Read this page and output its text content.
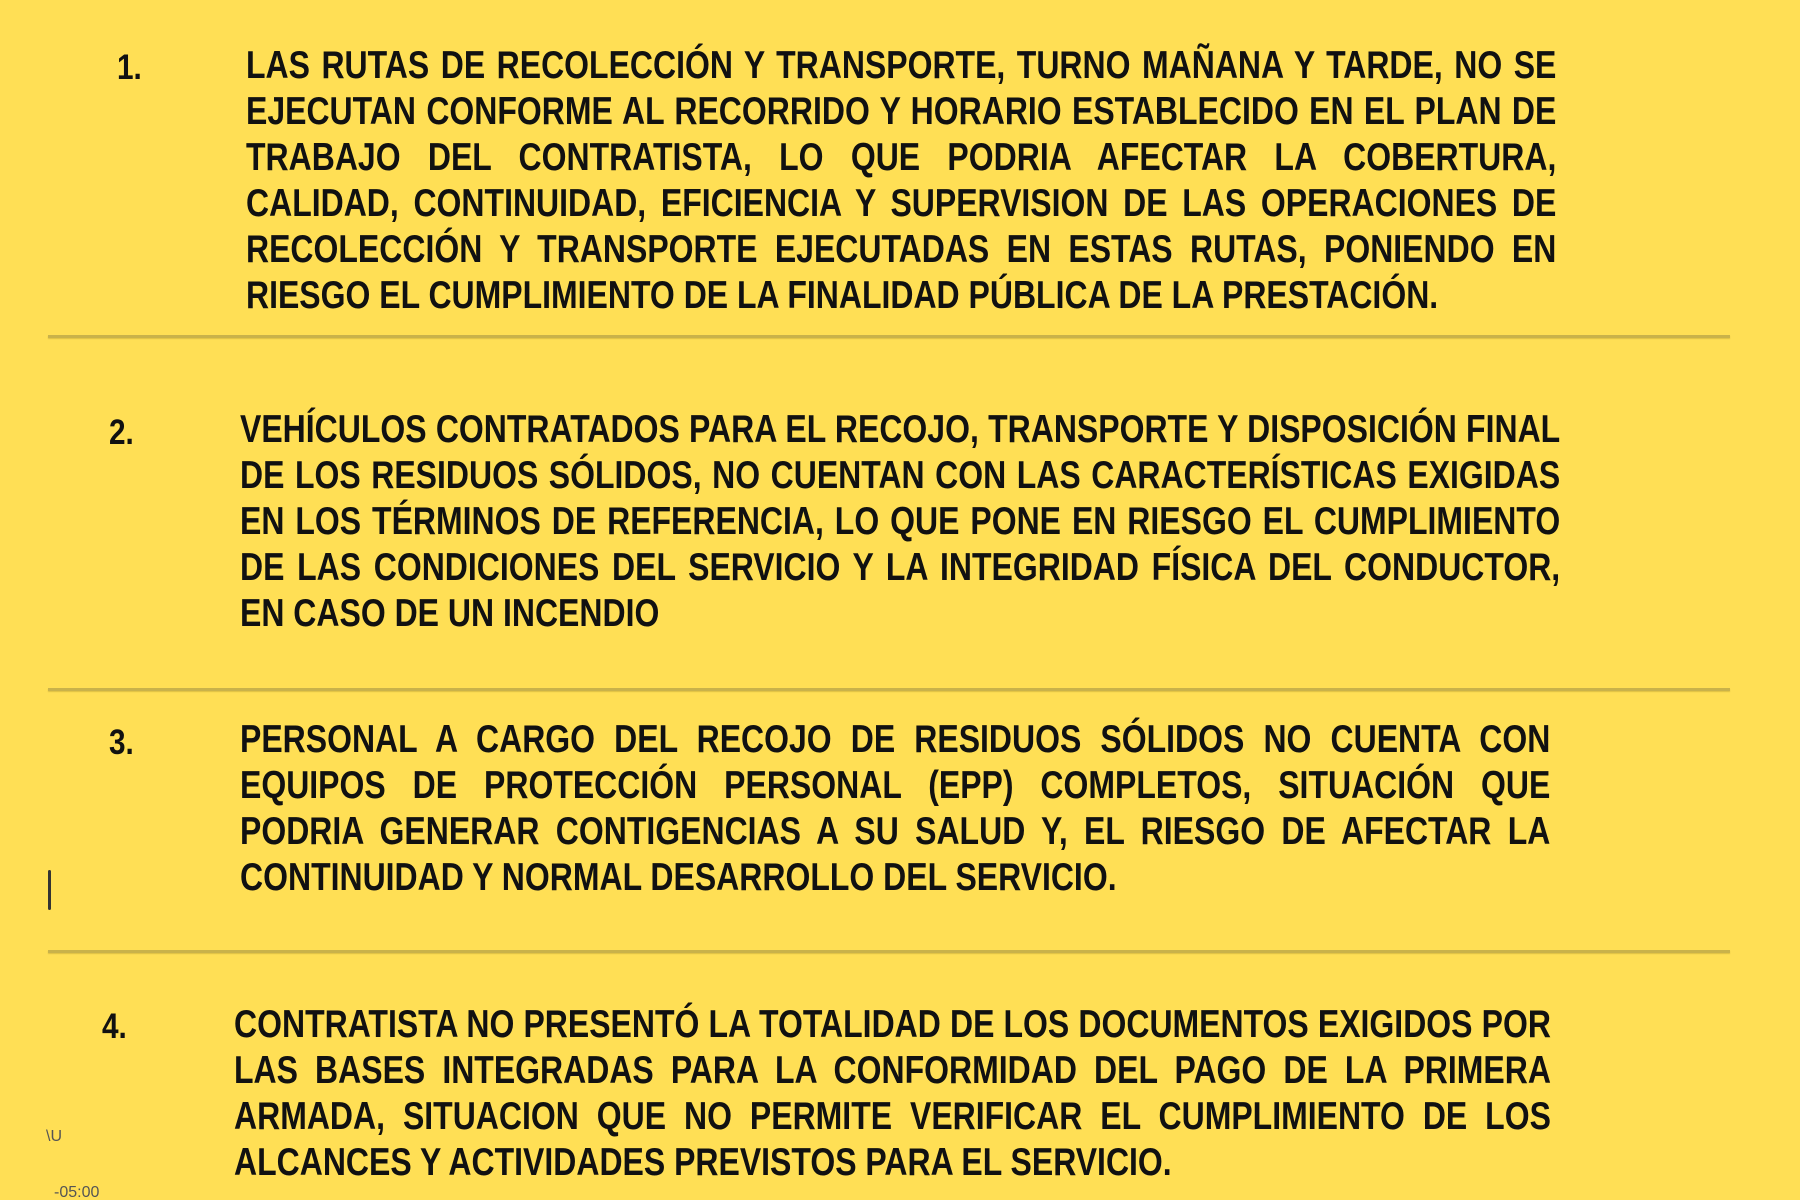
1.	LAS RUTAS DE RECOLECCIÓN Y TRANSPORTE, TURNO MAÑANA Y TARDE, NO SE EJECUTAN CONFORME AL RECORRIDO Y HORARIO ESTABLECIDO EN EL PLAN DE TRABAJO DEL CONTRATISTA, LO QUE PODRIA AFECTAR LA COBERTURA, CALIDAD, CONTINUIDAD, EFICIENCIA Y SUPERVISION DE LAS OPERACIONES DE RECOLECCIÓN Y TRANSPORTE EJECUTADAS EN ESTAS RUTAS, PONIENDO EN RIESGO EL CUMPLIMIENTO DE LA FINALIDAD PÚBLICA DE LA PRESTACIÓN.
2.	VEHÍCULOS CONTRATADOS PARA EL RECOJO, TRANSPORTE Y DISPOSICIÓN FINAL DE LOS RESIDUOS SÓLIDOS, NO CUENTAN CON LAS CARACTERÍSTICAS EXIGIDAS EN LOS TÉRMINOS DE REFERENCIA, LO QUE PONE EN RIESGO EL CUMPLIMIENTO DE LAS CONDICIONES DEL SERVICIO Y LA INTEGRIDAD FÍSICA DEL CONDUCTOR, EN CASO DE UN INCENDIO
3.	PERSONAL A CARGO DEL RECOJO DE RESIDUOS SÓLIDOS NO CUENTA CON EQUIPOS DE PROTECCIÓN PERSONAL (EPP) COMPLETOS, SITUACIÓN QUE PODRIA GENERAR CONTIGENCIAS A SU SALUD Y, EL RIESGO DE AFECTAR LA CONTINUIDAD Y NORMAL DESARROLLO DEL SERVICIO.
4.	CONTRATISTA NO PRESENTÓ LA TOTALIDAD DE LOS DOCUMENTOS EXIGIDOS POR LAS BASES INTEGRADAS PARA LA CONFORMIDAD DEL PAGO DE LA PRIMERA ARMADA, SITUACION QUE NO PERMITE VERIFICAR EL CUMPLIMIENTO DE LOS ALCANCES Y ACTIVIDADES PREVISTOS PARA EL SERVICIO.
\U
-05:00
